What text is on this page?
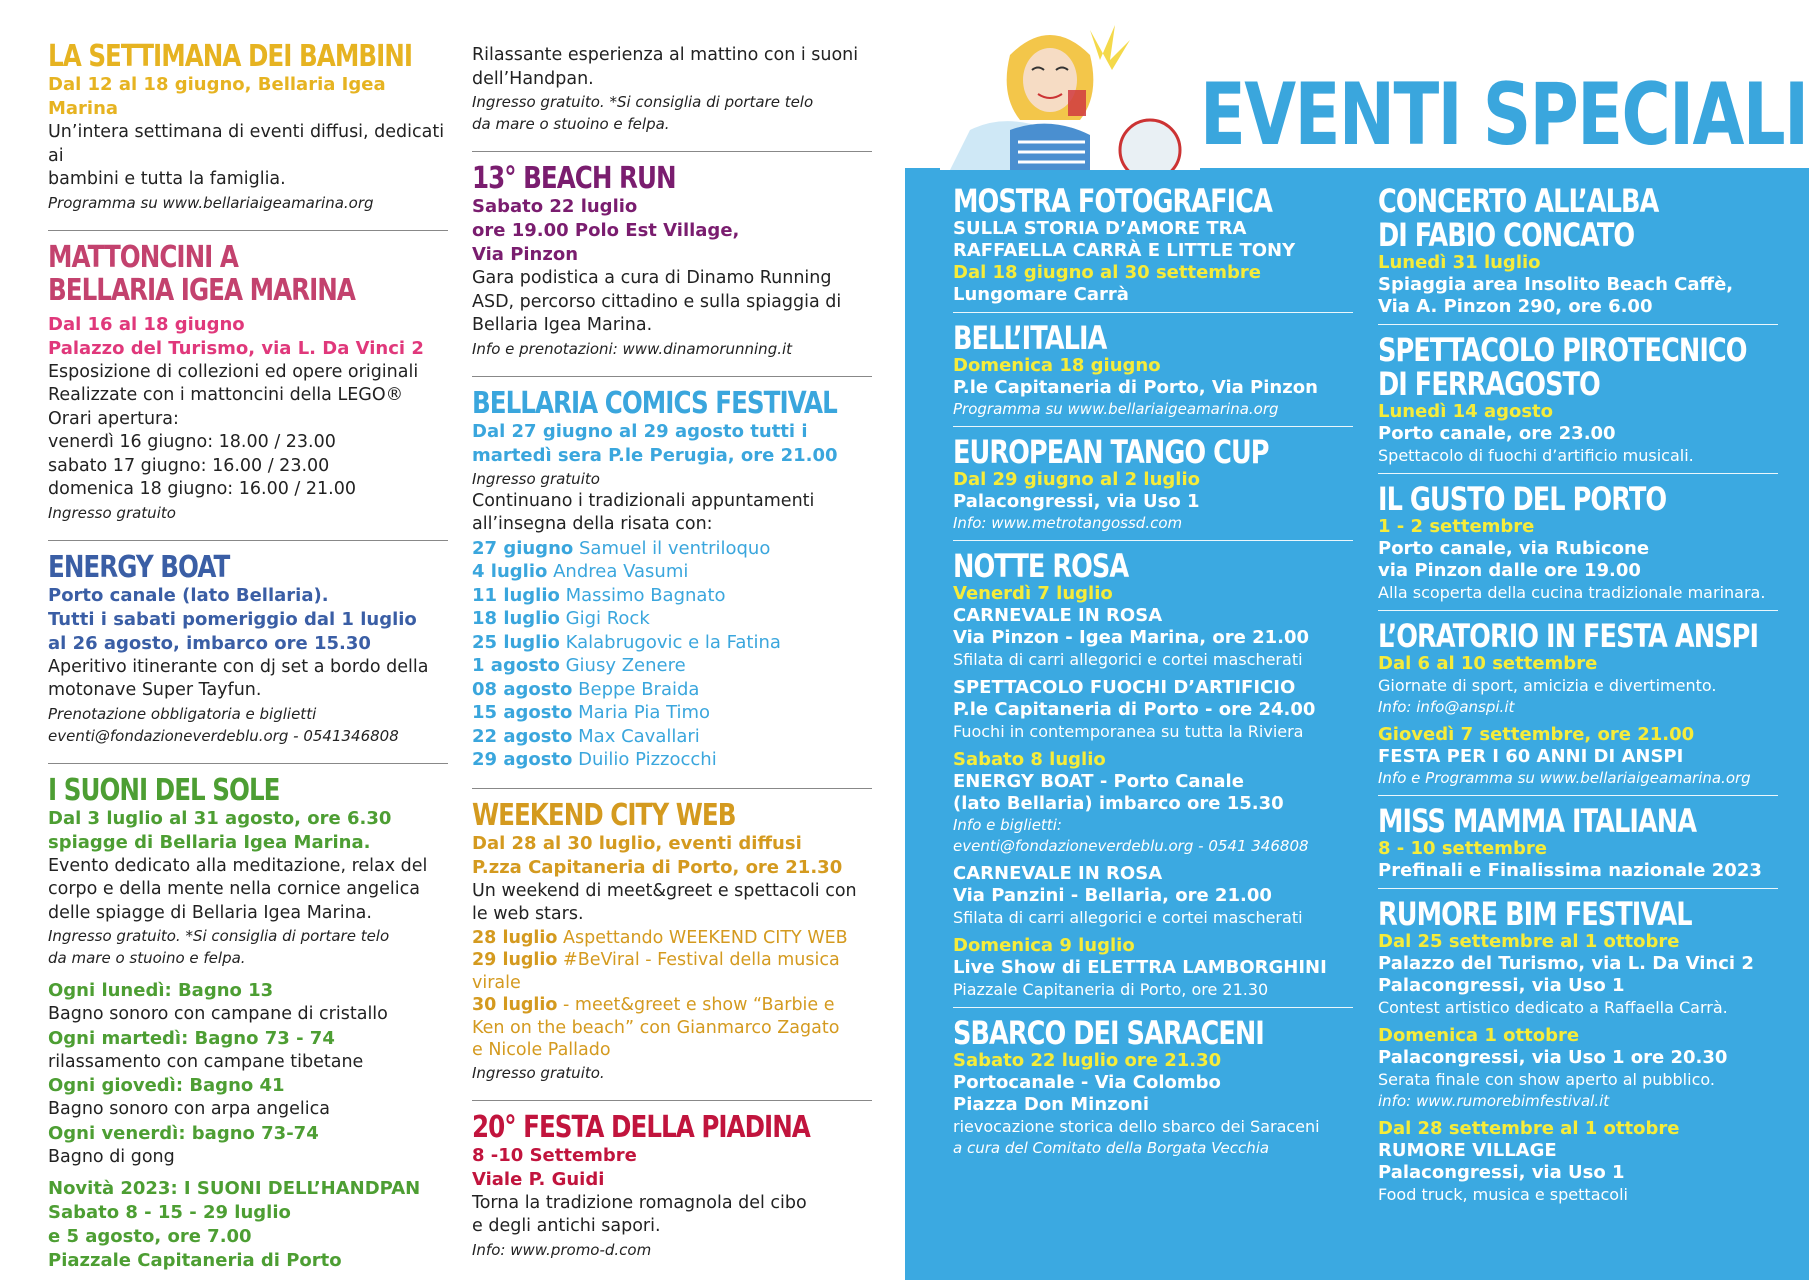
EVENTI SPECIALI
LA SETTIMANA DEI BAMBINI
Dal 12 al 18 giugno, Bellaria Igea Marina
Un’intera settimana di eventi diffusi, dedicati ai
bambini e tutta la famiglia.
Programma su www.bellariaigeamarina.org
MATTONCINI A
BELLARIA IGEA MARINA
Dal 16 al 18 giugno
Palazzo del Turismo, via L. Da Vinci 2
Esposizione di collezioni ed opere originali
Realizzate con i mattoncini della LEGO®
Orari apertura:
venerdì 16 giugno: 18.00 / 23.00
sabato 17 giugno: 16.00 / 23.00
domenica 18 giugno: 16.00 / 21.00
Ingresso gratuito
ENERGY BOAT
Porto canale (lato Bellaria).
Tutti i sabati pomeriggio dal 1 luglio
al 26 agosto, imbarco ore 15.30
Aperitivo itinerante con dj set a bordo della
motonave Super Tayfun.
Prenotazione obbligatoria e biglietti
eventi@fondazioneverdeblu.org - 0541346808
I SUONI DEL SOLE
Dal 3 luglio al 31 agosto, ore 6.30
spiagge di Bellaria Igea Marina.
Evento dedicato alla meditazione, relax del
corpo e della mente nella cornice angelica
delle spiagge di Bellaria Igea Marina.
Ingresso gratuito. *Si consiglia di portare telo
da mare o stuoino e felpa.
Ogni lunedì: Bagno 13
Bagno sonoro con campane di cristallo
Ogni martedì: Bagno 73 - 74
rilassamento con campane tibetane
Ogni giovedì: Bagno 41
Bagno sonoro con arpa angelica
Ogni venerdì: bagno 73-74
Bagno di gong
Novità 2023: I SUONI DELL’HANDPAN
Sabato 8 - 15 - 29 luglio
e 5 agosto, ore 7.00
Piazzale Capitaneria di Porto
Rilassante esperienza al mattino con i suoni
dell’Handpan.
Ingresso gratuito. *Si consiglia di portare telo
da mare o stuoino e felpa.
13° BEACH RUN
Sabato 22 luglio
ore 19.00 Polo Est Village,
Via Pinzon
Gara podistica a cura di Dinamo Running
ASD, percorso cittadino e sulla spiaggia di
Bellaria Igea Marina.
Info e prenotazioni: www.dinamorunning.it
BELLARIA COMICS FESTIVAL
Dal 27 giugno al 29 agosto tutti i
martedì sera P.le Perugia, ore 21.00
Ingresso gratuito
Continuano i tradizionali appuntamenti
all’insegna della risata con:
27 giugno Samuel il ventriloquo
4 luglio Andrea Vasumi
11 luglio Massimo Bagnato
18 luglio Gigi Rock
25 luglio Kalabrugovic e la Fatina
1 agosto Giusy Zenere
08 agosto Beppe Braida
15 agosto Maria Pia Timo
22 agosto Max Cavallari
29 agosto Duilio Pizzocchi
WEEKEND CITY WEB
Dal 28 al 30 luglio, eventi diffusi
P.zza Capitaneria di Porto, ore 21.30
Un weekend di meet&greet e spettacoli con
le web stars.
28 luglio Aspettando WEEKEND CITY WEB
29 luglio #BeViral - Festival della musica virale
30 luglio - meet&greet e show “Barbie e
Ken on the beach” con Gianmarco Zagato
e Nicole Pallado
Ingresso gratuito.
20° FESTA DELLA PIADINA
8 -10 Settembre
Viale P. Guidi
Torna la tradizione romagnola del cibo
e degli antichi sapori.
Info: www.promo-d.com
MOSTRA FOTOGRAFICA
SULLA STORIA D’AMORE TRA
RAFFAELLA CARRÀ E LITTLE TONY
Dal 18 giugno al 30 settembre
Lungomare Carrà
BELL’ITALIA
Domenica 18 giugno
P.le Capitaneria di Porto, Via Pinzon
Programma su www.bellariaigeamarina.org
EUROPEAN TANGO CUP
Dal 29 giugno al 2 luglio
Palacongressi, via Uso 1
Info: www.metrotangossd.com
NOTTE ROSA
Venerdì 7 luglio
CARNEVALE IN ROSA
Via Pinzon - Igea Marina, ore 21.00
Sfilata di carri allegorici e cortei mascherati
SPETTACOLO FUOCHI D’ARTIFICIO
P.le Capitaneria di Porto - ore 24.00
Fuochi in contemporanea su tutta la Riviera
Sabato 8 luglio
ENERGY BOAT - Porto Canale
(lato Bellaria) imbarco ore 15.30
Info e biglietti:
eventi@fondazioneverdeblu.org - 0541 346808
CARNEVALE IN ROSA
Via Panzini - Bellaria, ore 21.00
Sfilata di carri allegorici e cortei mascherati
Domenica 9 luglio
Live Show di ELETTRA LAMBORGHINI
Piazzale Capitaneria di Porto, ore 21.30
SBARCO DEI SARACENI
Sabato 22 luglio ore 21.30
Portocanale - Via Colombo
Piazza Don Minzoni
rievocazione storica dello sbarco dei Saraceni
a cura del Comitato della Borgata Vecchia
CONCERTO ALL’ALBA
DI FABIO CONCATO
Lunedì 31 luglio
Spiaggia area Insolito Beach Caffè,
Via A. Pinzon 290, ore 6.00
SPETTACOLO PIROTECNICO
DI FERRAGOSTO
Lunedì 14 agosto
Porto canale, ore 23.00
Spettacolo di fuochi d’artificio musicali.
IL GUSTO DEL PORTO
1 - 2 settembre
Porto canale, via Rubicone
via Pinzon dalle ore 19.00
Alla scoperta della cucina tradizionale marinara.
L’ORATORIO IN FESTA ANSPI
Dal 6 al 10 settembre
Giornate di sport, amicizia e divertimento.
Info: info@anspi.it
Giovedì 7 settembre, ore 21.00
FESTA PER I 60 ANNI DI ANSPI
Info e Programma su www.bellariaigeamarina.org
MISS MAMMA ITALIANA
8 - 10 settembre
Prefinali e Finalissima nazionale 2023
RUMORE BIM FESTIVAL
Dal 25 settembre al 1 ottobre
Palazzo del Turismo, via L. Da Vinci 2
Palacongressi, via Uso 1
Contest artistico dedicato a Raffaella Carrà.
Domenica 1 ottobre
Palacongressi, via Uso 1 ore 20.30
Serata finale con show aperto al pubblico.
info: www.rumorebimfestival.it
Dal 28 settembre al 1 ottobre
RUMORE VILLAGE
Palacongressi, via Uso 1
Food truck, musica e spettacoli
